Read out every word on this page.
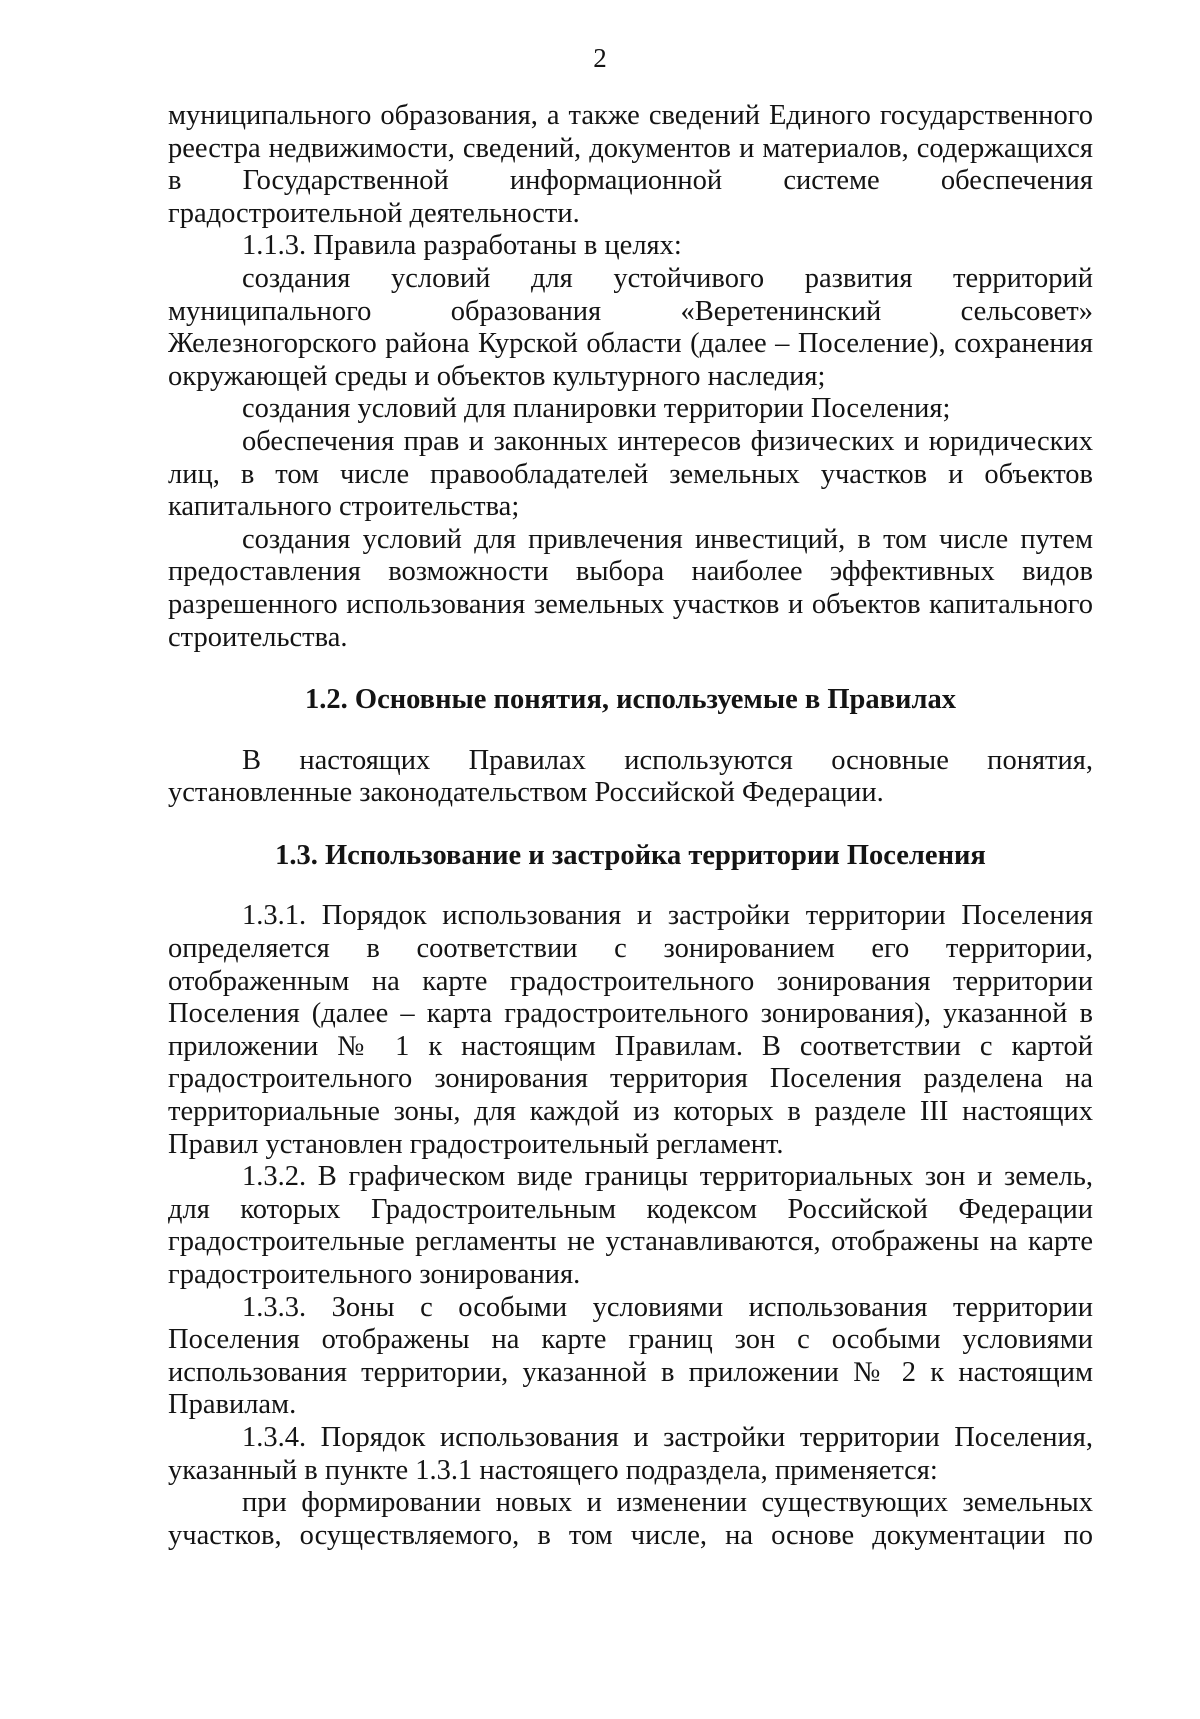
2
муниципального образования, а также сведений Единого государственного
реестра недвижимости, сведений, документов и материалов, содержащихся
в Государственной информационной системе обеспечения
градостроительной деятельности.
1.1.3. Правила разработаны в целях:
создания условий для устойчивого развития территорий
муниципального образования «Веретенинский сельсовет»
Железногорского района Курской области (далее – Поселение), сохранения
окружающей среды и объектов культурного наследия;
создания условий для планировки территории Поселения;
обеспечения прав и законных интересов физических и юридических
лиц, в том числе правообладателей земельных участков и объектов
капитального строительства;
создания условий для привлечения инвестиций, в том числе путем
предоставления возможности выбора наиболее эффективных видов
разрешенного использования земельных участков и объектов капитального
строительства.
1.2. Основные понятия, используемые в Правилах
В настоящих Правилах используются основные понятия,
установленные законодательством Российской Федерации.
1.3. Использование и застройка территории Поселения
1.3.1. Порядок использования и застройки территории Поселения
определяется в соответствии с зонированием его территории,
отображенным на карте градостроительного зонирования территории
Поселения (далее – карта градостроительного зонирования), указанной в
приложении № 1 к настоящим Правилам. В соответствии с картой
градостроительного зонирования территория Поселения разделена на
территориальные зоны, для каждой из которых в разделе III настоящих
Правил установлен градостроительный регламент.
1.3.2. В графическом виде границы территориальных зон и земель,
для которых Градостроительным кодексом Российской Федерации
градостроительные регламенты не устанавливаются, отображены на карте
градостроительного зонирования.
1.3.3. Зоны с особыми условиями использования территории
Поселения отображены на карте границ зон с особыми условиями
использования территории, указанной в приложении № 2 к настоящим
Правилам.
1.3.4. Порядок использования и застройки территории Поселения,
указанный в пункте 1.3.1 настоящего подраздела, применяется:
при формировании новых и изменении существующих земельных
участков, осуществляемого, в том числе, на основе документации по
